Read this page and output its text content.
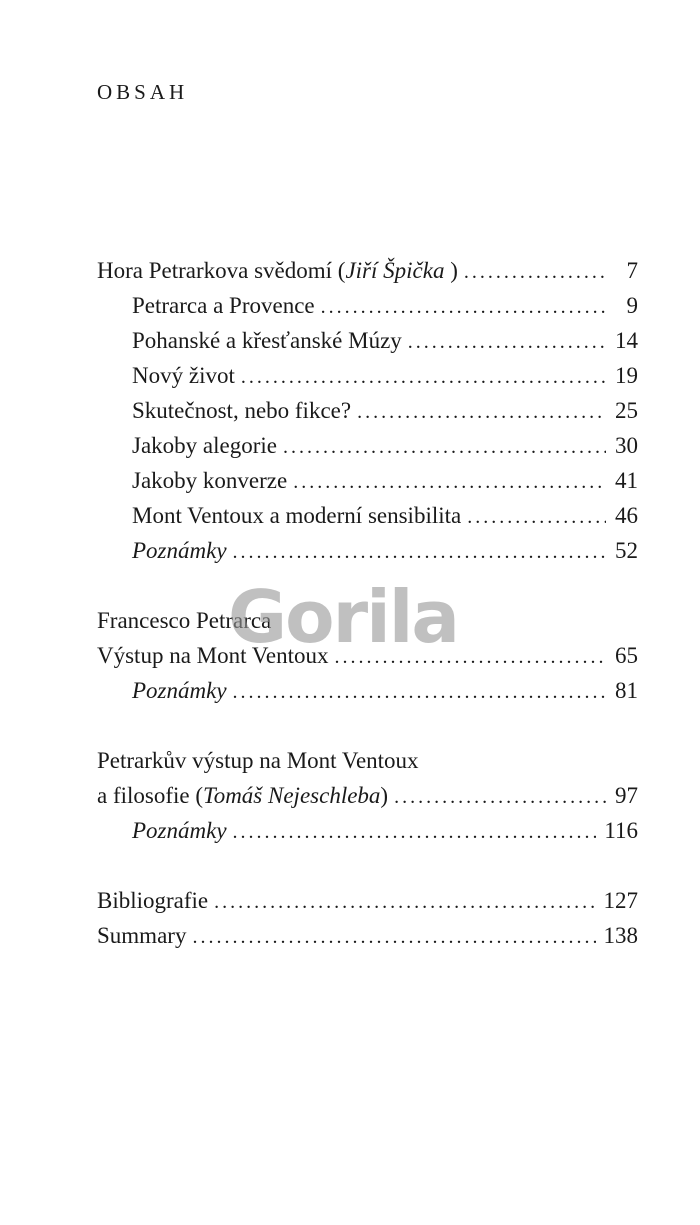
OBSAH
Hora Petrarkova svědomí (Jiří Špička ) . . .	7
Petrarca a Provence . . .	9
Pohanské a křesťanské Múzy . . .	14
Nový život . . .	19
Skutečnost, nebo fikce? . . .	25
Jakoby alegorie . . .	30
Jakoby konverze . . .	41
Mont Ventoux a moderní sensibilita . . .	46
Poznámky . . .	52
Francesco Petrarca
Výstup na Mont Ventoux . . .	65
Poznámky . . .	81
Petrarkův výstup na Mont Ventoux
a filosofie (Tomáš Nejeschleba) . . .	97
Poznámky . . .	116
Bibliografie . . .	127
Summary . . .	138
Gorila
